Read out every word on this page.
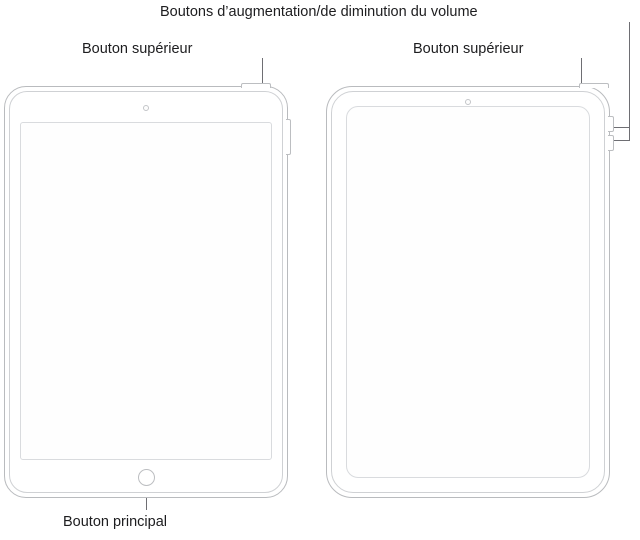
Boutons d’augmentation/de diminution du volume
Bouton supérieur	Bouton supérieur
Bouton principal
